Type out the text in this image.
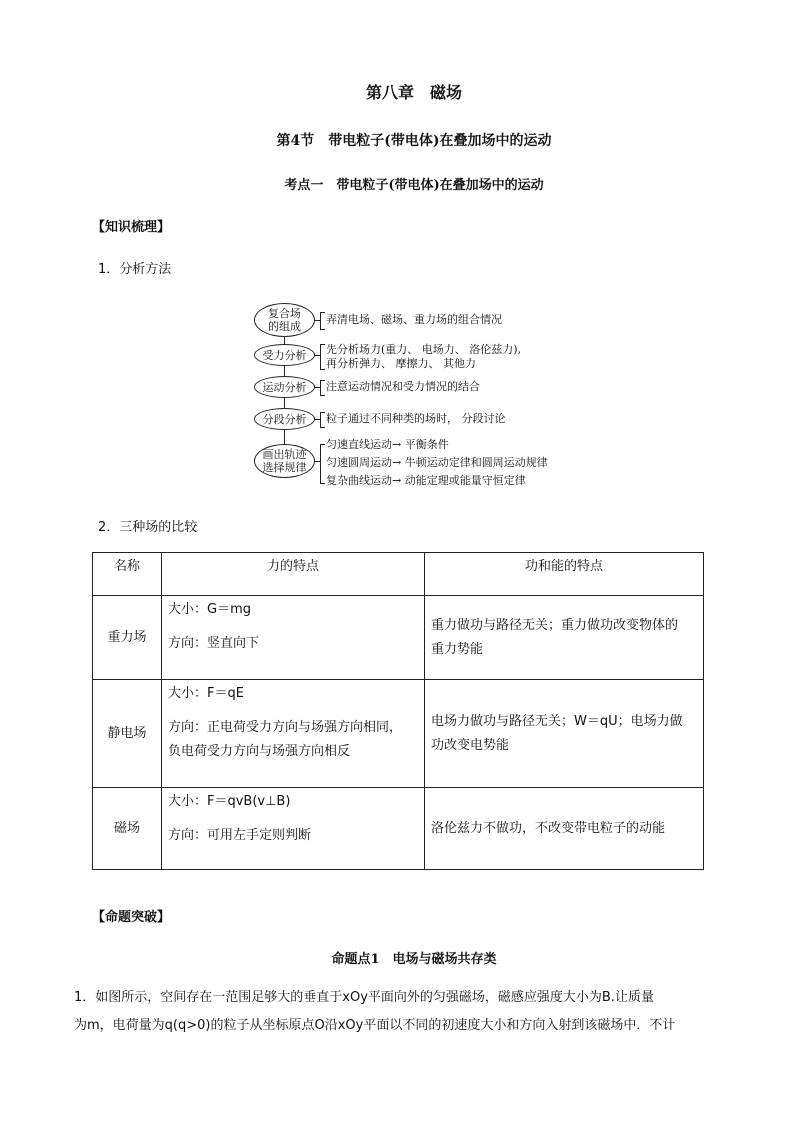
第八章　磁场
第4节　带电粒子(带电体)在叠加场中的运动
考点一　带电粒子(带电体)在叠加场中的运动
【知识梳理】
1．分析方法
复合场
的组成
弄清电场、磁场、重力场的组合情况
受力分析 先分析场力(重力、 电场力、 洛伦兹力),
再分析弹力、 摩擦力、 其他力
运动分析 注意运动情况和受力情况的结合
分段分析 粒子通过不同种类的场时， 分段讨论
画出轨迹
选择规律
匀速直线运动→ 平衡条件
匀速圆周运动→ 牛顿运动定律和圆周运动规律
复杂曲线运动→ 动能定理或能量守恒定律
2．三种场的比较
名称	力的特点	功和能的特点
重力场	大小：G＝mg
方向：竖直向下	重力做功与路径无关；重力做功改变物体的
重力势能

静电场	大小：F＝qE
方向：正电荷受力方向与场强方向相同，
负电荷受力方向与场强方向相反	电场力做功与路径无关；W＝qU；电场力做
功改变电势能

磁场	大小：F＝qvB(v⊥B)
方向：可用左手定则判断	洛伦兹力不做功，不改变带电粒子的动能
【命题突破】
命题点1　电场与磁场共存类
1．如图所示，空间存在一范围足够大的垂直于xOy平面向外的匀强磁场，磁感应强度大小为B.让质量
为m，电荷量为q(q>0)的粒子从坐标原点O沿xOy平面以不同的初速度大小和方向入射到该磁场中．不计
